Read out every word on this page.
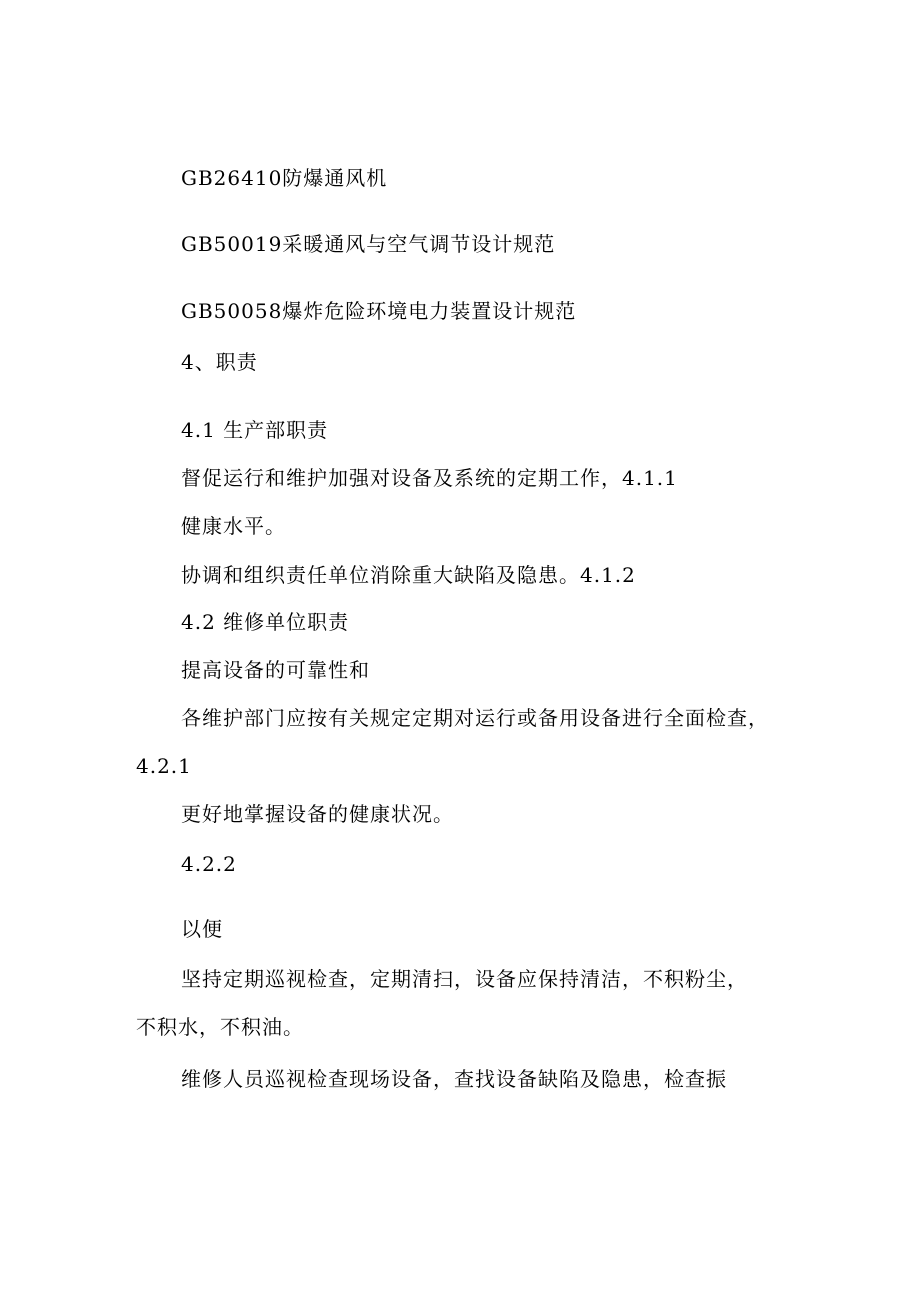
GB26410防爆通风机
GB50019采暖通风与空气调节设计规范
GB50058爆炸危险环境电力装置设计规范
4、职责
4.1 生产部职责
督促运行和维护加强对设备及系统的定期工作，4.1.1
健康水平。
协调和组织责任单位消除重大缺陷及隐患。4.1.2
4.2 维修单位职责
提高设备的可靠性和
各维护部门应按有关规定定期对运行或备用设备进行全面检查，
4.2.1
更好地掌握设备的健康状况。
4.2.2
以便
坚持定期巡视检查，定期清扫，设备应保持清洁，不积粉尘，
不积水，不积油。
维修人员巡视检查现场设备，查找设备缺陷及隐患，检查振
